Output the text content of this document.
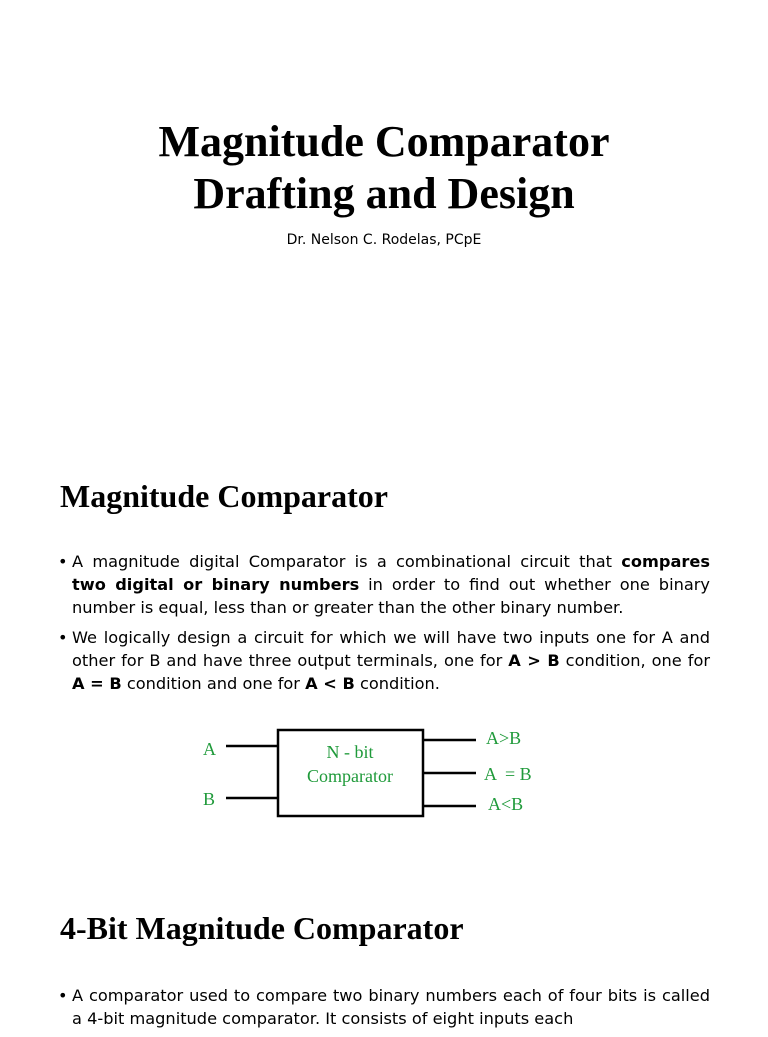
Magnitude Comparator
Drafting and Design
Dr. Nelson C. Rodelas, PCpE
Magnitude Comparator
• A magnitude digital Comparator is a combinational circuit that compares two digital or binary numbers in order to find out whether one binary number is equal, less than or greater than the other binary number.
• We logically design a circuit for which we will have two inputs one for A and other for B and have three output terminals, one for A > B condition, one for A = B condition and one for A < B condition.
A
B
N - bit
Comparator
A>B
A  = B
A<B
4-Bit Magnitude Comparator
• A comparator used to compare two binary numbers each of four bits is called a 4-bit magnitude comparator. It consists of eight inputs each
